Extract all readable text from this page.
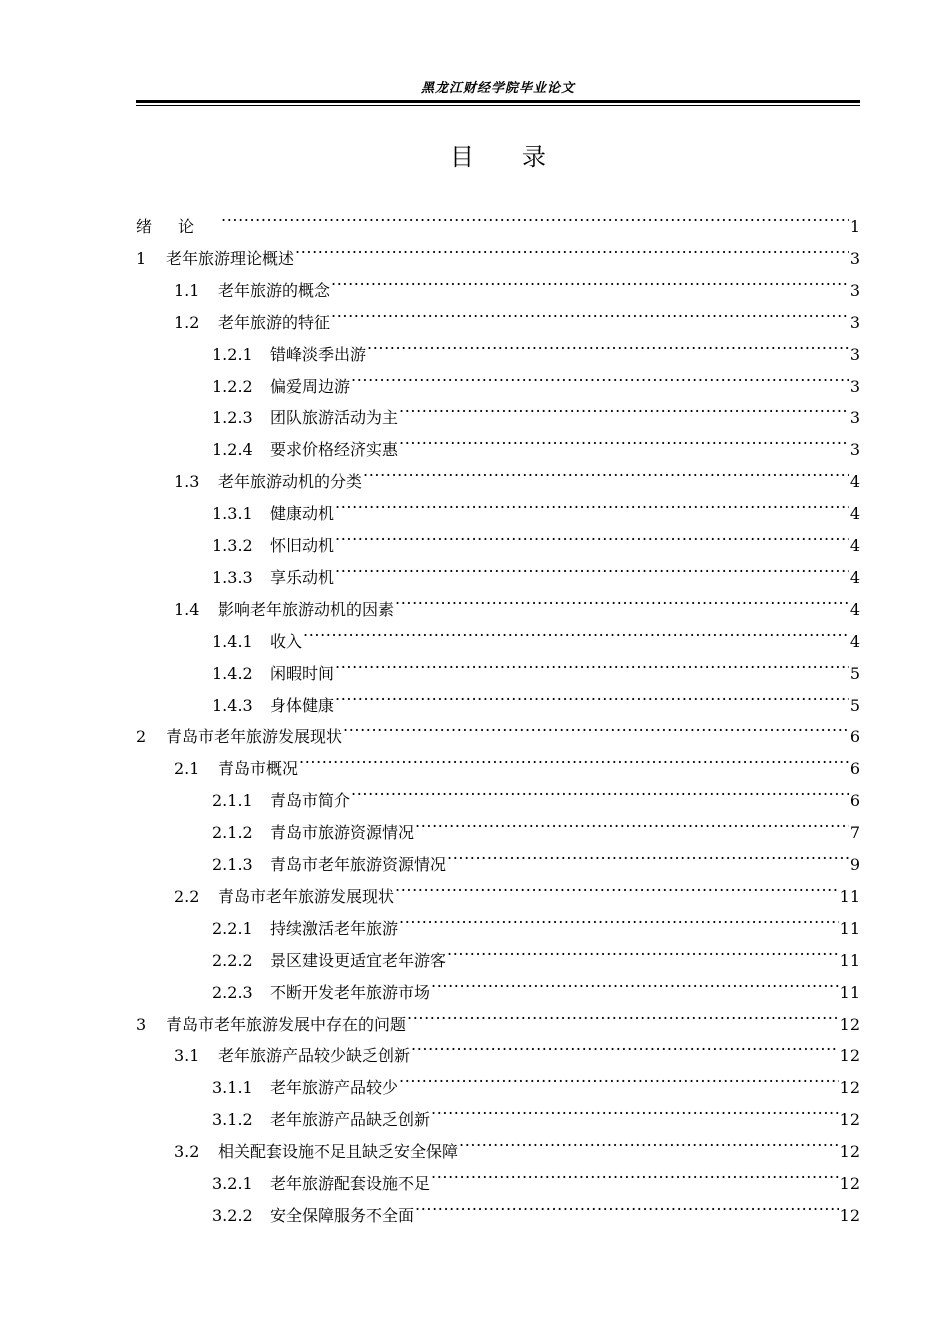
黑龙江财经学院毕业论文
目 录
绪论 .....	1
1	老年旅游理论概述 .....	3
1.1	老年旅游的概念 .....	3
1.2	老年旅游的特征 .....	3
1.2.1	错峰淡季出游 .....	3
1.2.2	偏爱周边游 .....	3
1.2.3	团队旅游活动为主 .....	3
1.2.4	要求价格经济实惠 .....	3
1.3	老年旅游动机的分类 .....	4
1.3.1	健康动机 .....	4
1.3.2	怀旧动机 .....	4
1.3.3	享乐动机 .....	4
1.4	影响老年旅游动机的因素 .....	4
1.4.1	收入 .....	4
1.4.2	闲暇时间 .....	5
1.4.3	身体健康 .....	5
2	青岛市老年旅游发展现状 .....	6
2.1	青岛市概况 .....	6
2.1.1	青岛市简介 .....	6
2.1.2	青岛市旅游资源情况 .....	7
2.1.3	青岛市老年旅游资源情况 .....	9
2.2	青岛市老年旅游发展现状 .....	11
2.2.1	持续激活老年旅游 .....	11
2.2.2	景区建设更适宜老年游客 .....	11
2.2.3	不断开发老年旅游市场 .....	11
3	青岛市老年旅游发展中存在的问题 .....	12
3.1	老年旅游产品较少缺乏创新 .....	12
3.1.1	老年旅游产品较少 .....	12
3.1.2	老年旅游产品缺乏创新 .....	12
3.2	相关配套设施不足且缺乏安全保障 .....	12
3.2.1	老年旅游配套设施不足 .....	12
3.2.2	安全保障服务不全面 .....	12
